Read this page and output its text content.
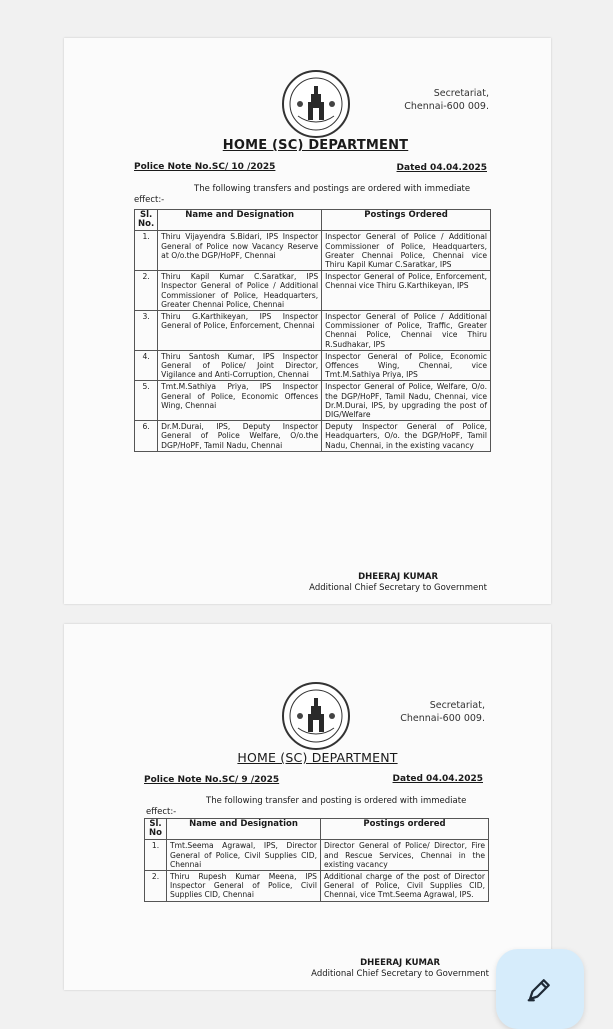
Secretariat,
Chennai-600 009.
HOME (SC) DEPARTMENT
Police Note No.SC/ 10 /2025	Dated 04.04.2025
The following transfers and postings are ordered with immediate
effect:-
Sl. No.	Name and Designation	Postings Ordered
1.	Thiru Vijayendra S.Bidari, IPS Inspector General of Police now Vacancy Reserve at O/o.the DGP/HoPF, Chennai	Inspector General of Police / Additional Commissioner of Police, Headquarters, Greater Chennai Police, Chennai vice Thiru Kapil Kumar C.Saratkar, IPS
2.	Thiru Kapil Kumar C.Saratkar, IPS Inspector General of Police / Additional Commissioner of Police, Headquarters, Greater Chennai Police, Chennai	Inspector General of Police, Enforcement, Chennai vice Thiru G.Karthikeyan, IPS
3.	Thiru G.Karthikeyan, IPS Inspector General of Police, Enforcement, Chennai	Inspector General of Police / Additional Commissioner of Police, Traffic, Greater Chennai Police, Chennai vice Thiru R.Sudhakar, IPS
4.	Thiru Santosh Kumar, IPS Inspector General of Police/ Joint Director, Vigilance and Anti-Corruption, Chennai	Inspector General of Police, Economic Offences Wing, Chennai, vice Tmt.M.Sathiya Priya, IPS
5.	Tmt.M.Sathiya Priya, IPS Inspector General of Police, Economic Offences Wing, Chennai	Inspector General of Police, Welfare, O/o. the DGP/HoPF, Tamil Nadu, Chennai, vice Dr.M.Durai, IPS, by upgrading the post of DIG/Welfare
6.	Dr.M.Durai, IPS, Deputy Inspector General of Police Welfare, O/o.the DGP/HoPF, Tamil Nadu, Chennai	Deputy Inspector General of Police, Headquarters, O/o. the DGP/HoPF, Tamil Nadu, Chennai, in the existing vacancy
DHEERAJ KUMAR
Additional Chief Secretary to Government
Secretariat,
Chennai-600 009.
HOME (SC) DEPARTMENT
Police Note No.SC/ 9 /2025	Dated 04.04.2025
The following transfer and posting is ordered with immediate
effect:-
Sl. No	Name and Designation	Postings ordered
1.	Tmt.Seema Agrawal, IPS, Director General of Police, Civil Supplies CID, Chennai	Director General of Police/ Director, Fire and Rescue Services, Chennai in the existing vacancy
2.	Thiru Rupesh Kumar Meena, IPS Inspector General of Police, Civil Supplies CID, Chennai	Additional charge of the post of Director General of Police, Civil Supplies CID, Chennai, vice Tmt.Seema Agrawal, IPS.
DHEERAJ KUMAR
Additional Chief Secretary to Government
